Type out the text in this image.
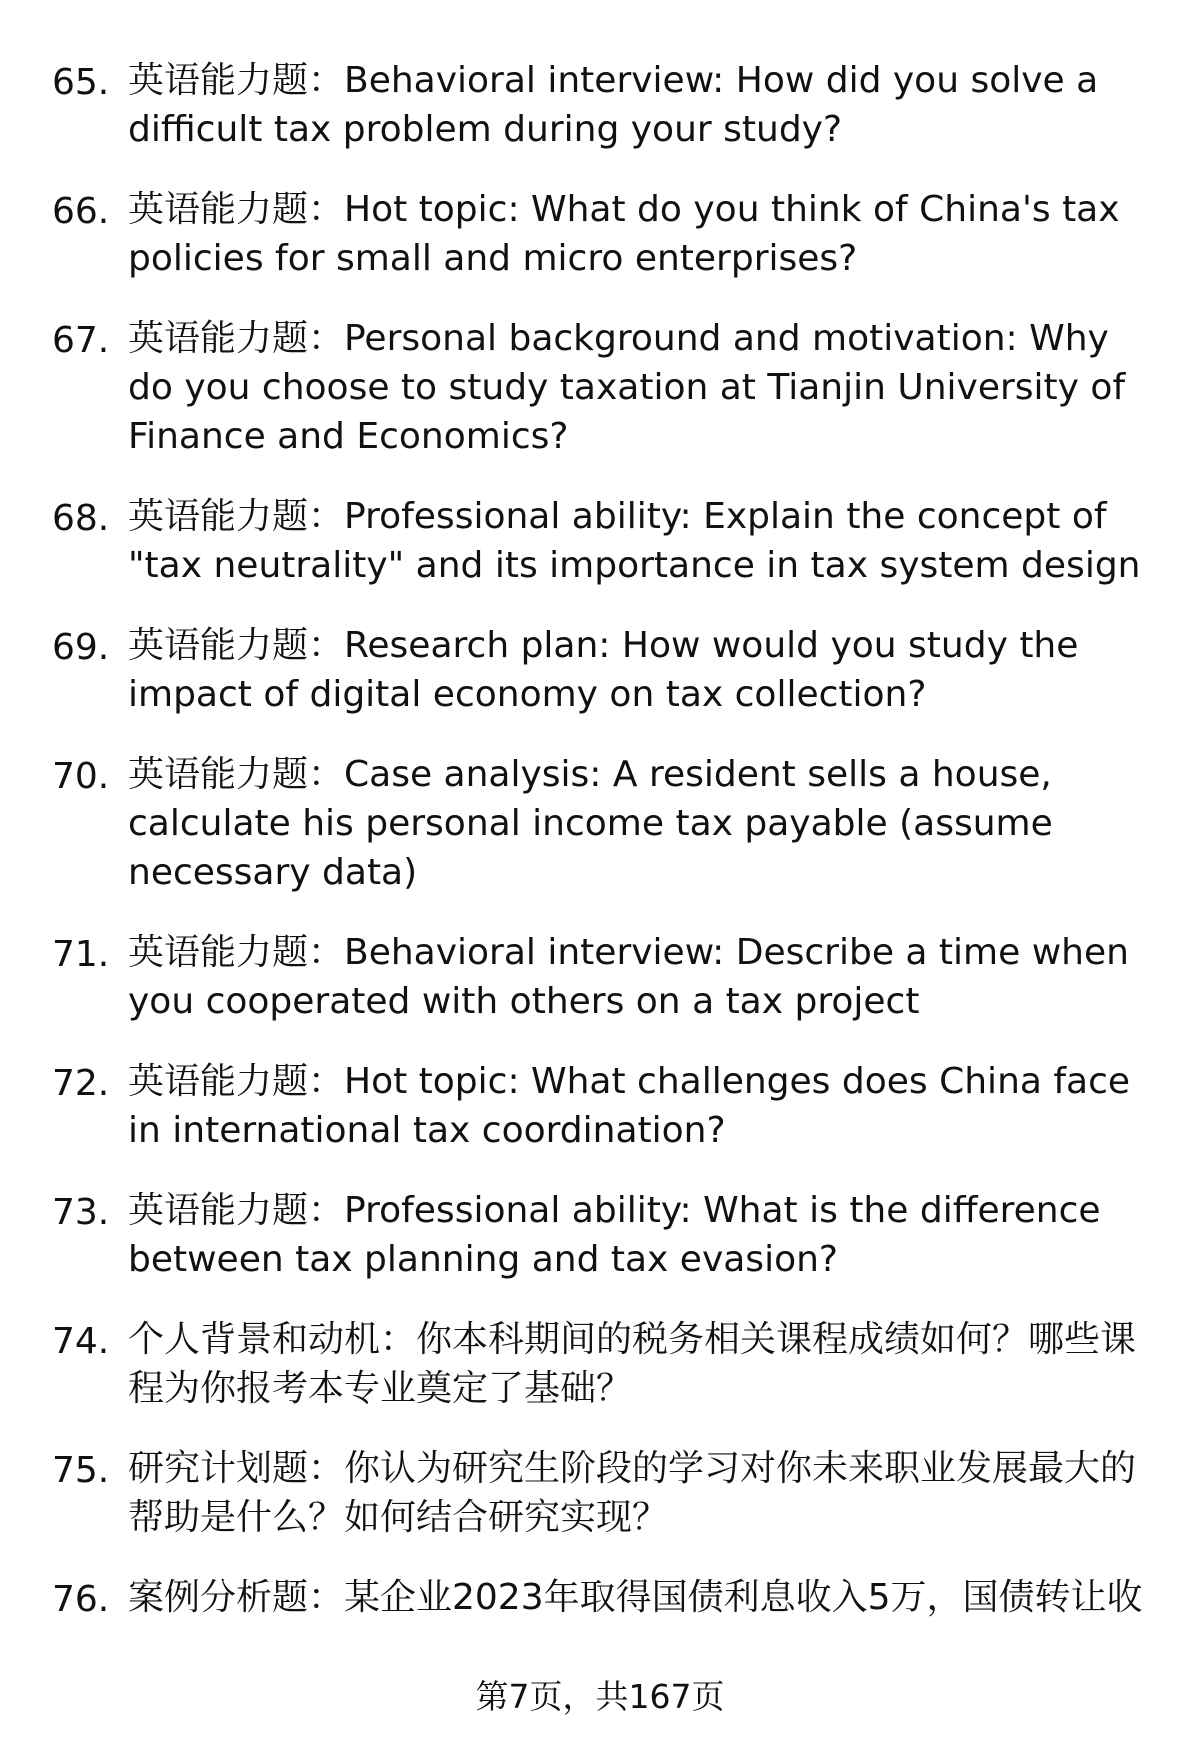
65. 英语能力题：Behavioral interview: How did you solve a difficult tax problem during your study?
66. 英语能力题：Hot topic: What do you think of China's tax policies for small and micro enterprises?
67. 英语能力题：Personal background and motivation: Why do you choose to study taxation at Tianjin University of Finance and Economics?
68. 英语能力题：Professional ability: Explain the concept of "tax neutrality" and its importance in tax system design
69. 英语能力题：Research plan: How would you study the impact of digital economy on tax collection?
70. 英语能力题：Case analysis: A resident sells a house, calculate his personal income tax payable (assume necessary data)
71. 英语能力题：Behavioral interview: Describe a time when you cooperated with others on a tax project
72. 英语能力题：Hot topic: What challenges does China face in international tax coordination?
73. 英语能力题：Professional ability: What is the difference between tax planning and tax evasion?
74. 个人背景和动机：你本科期间的税务相关课程成绩如何？哪些课程为你报考本专业奠定了基础？
75. 研究计划题：你认为研究生阶段的学习对你未来职业发展最大的帮助是什么？如何结合研究实现？
76. 案例分析题：某企业2023年取得国债利息收入5万，国债转让收
第7页，共167页
